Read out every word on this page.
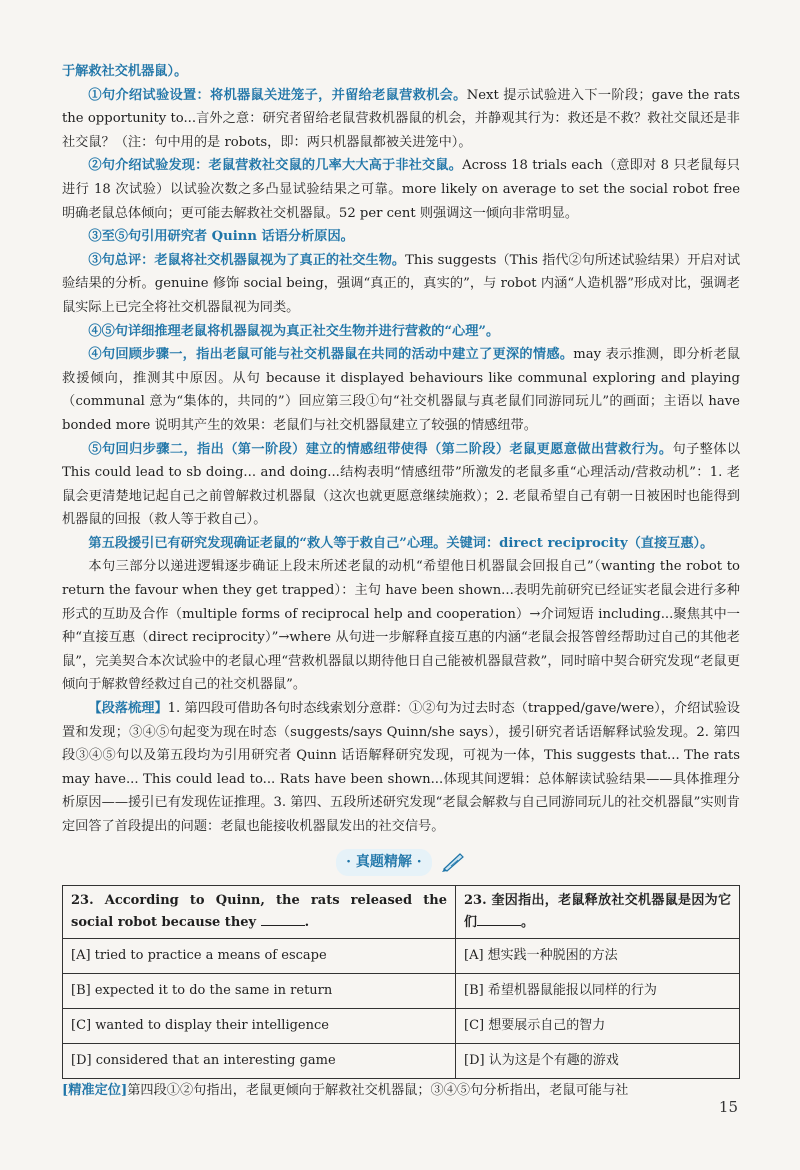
于解救社交机器鼠）。

①句介绍试验设置：将机器鼠关进笼子，并留给老鼠营救机会。Next 提示试验进入下一阶段；gave the rats the opportunity to...言外之意：研究者留给老鼠营救机器鼠的机会，并静观其行为：救还是不救？救社交鼠还是非社交鼠？（注：句中用的是 robots，即：两只机器鼠都被关进笼中）。

②句介绍试验发现：老鼠营救社交鼠的几率大大高于非社交鼠。Across 18 trials each（意即对 8 只老鼠每只进行 18 次试验）以试验次数之多凸显试验结果之可靠。more likely on average to set the social robot free 明确老鼠总体倾向；更可能去解救社交机器鼠。52 per cent 则强调这一倾向非常明显。

③至⑤句引用研究者 Quinn 话语分析原因。

③句总评：老鼠将社交机器鼠视为了真正的社交生物。This suggests（This 指代②句所述试验结果）开启对试验结果的分析。genuine 修饰 social being，强调“真正的，真实的”，与 robot 内涵“人造机器”形成对比，强调老鼠实际上已完全将社交机器鼠视为同类。

④⑤句详细推理老鼠将机器鼠视为真正社交生物并进行营救的“心理”。

④句回顾步骤一，指出老鼠可能与社交机器鼠在共同的活动中建立了更深的情感。may 表示推测，即分析老鼠救援倾向，推测其中原因。从句 because it displayed behaviours like communal exploring and playing（communal 意为“集体的，共同的”）回应第三段①句“社交机器鼠与真老鼠们同游同玩儿”的画面；主语以 have bonded more 说明其产生的效果：老鼠们与社交机器鼠建立了较强的情感纽带。

⑤句回归步骤二，指出（第一阶段）建立的情感纽带使得（第二阶段）老鼠更愿意做出营救行为。句子整体以 This could lead to sb doing... and doing...结构表明“情感纽带”所激发的老鼠多重“心理活动/营救动机”：1. 老鼠会更清楚地记起自己之前曾解救过机器鼠（这次也就更愿意继续施救）；2. 老鼠希望自己有朝一日被困时也能得到机器鼠的回报（救人等于救自己）。

第五段援引已有研究发现确证老鼠的“救人等于救自己”心理。关键词：direct reciprocity（直接互惠）。

本句三部分以递进逻辑逐步确证上段末所述老鼠的动机“希望他日机器鼠会回报自己”（wanting the robot to return the favour when they get trapped）：主句 have been shown...表明先前研究已经证实老鼠会进行多种形式的互助及合作（multiple forms of reciprocal help and cooperation）→介词短语 including...聚焦其中一种“直接互惠（direct reciprocity）”→where 从句进一步解释直接互惠的内涵“老鼠会报答曾经帮助过自己的其他老鼠”，完美契合本次试验中的老鼠心理“营救机器鼠以期待他日自己能被机器鼠营救”，同时暗中契合研究发现“老鼠更倾向于解救曾经救过自己的社交机器鼠”。

【段落梳理】1. 第四段可借助各句时态线索划分意群：①②句为过去时态（trapped/gave/were），介绍试验设置和发现；③④⑤句起变为现在时态（suggests/says Quinn/she says），援引研究者话语解释试验发现。2. 第四段③④⑤句以及第五段均为引用研究者 Quinn 话语解释研究发现，可视为一体，This suggests that... The rats may have... This could lead to... Rats have been shown...体现其间逻辑：总体解读试验结果——具体推理分析原因——援引已有发现佐证推理。3. 第四、五段所述研究发现“老鼠会解救与自己同游同玩儿的社交机器鼠”实则肯定回答了首段提出的问题：老鼠也能接收机器鼠发出的社交信号。

· 真题精解 ·
23. According to Quinn, the rats released the social robot because they .	23. 奎因指出，老鼠释放社交机器鼠是因为它们 。
[A] tried to practice a means of escape	[A] 想实践一种脱困的方法
[B] expected it to do the same in return	[B] 希望机器鼠能报以同样的行为
[C] wanted to display their intelligence	[C] 想要展示自己的智力
[D] considered that an interesting game	[D] 认为这是个有趣的游戏

[精准定位]第四段①②句指出，老鼠更倾向于解救社交机器鼠；③④⑤句分析指出，老鼠可能与社

15
